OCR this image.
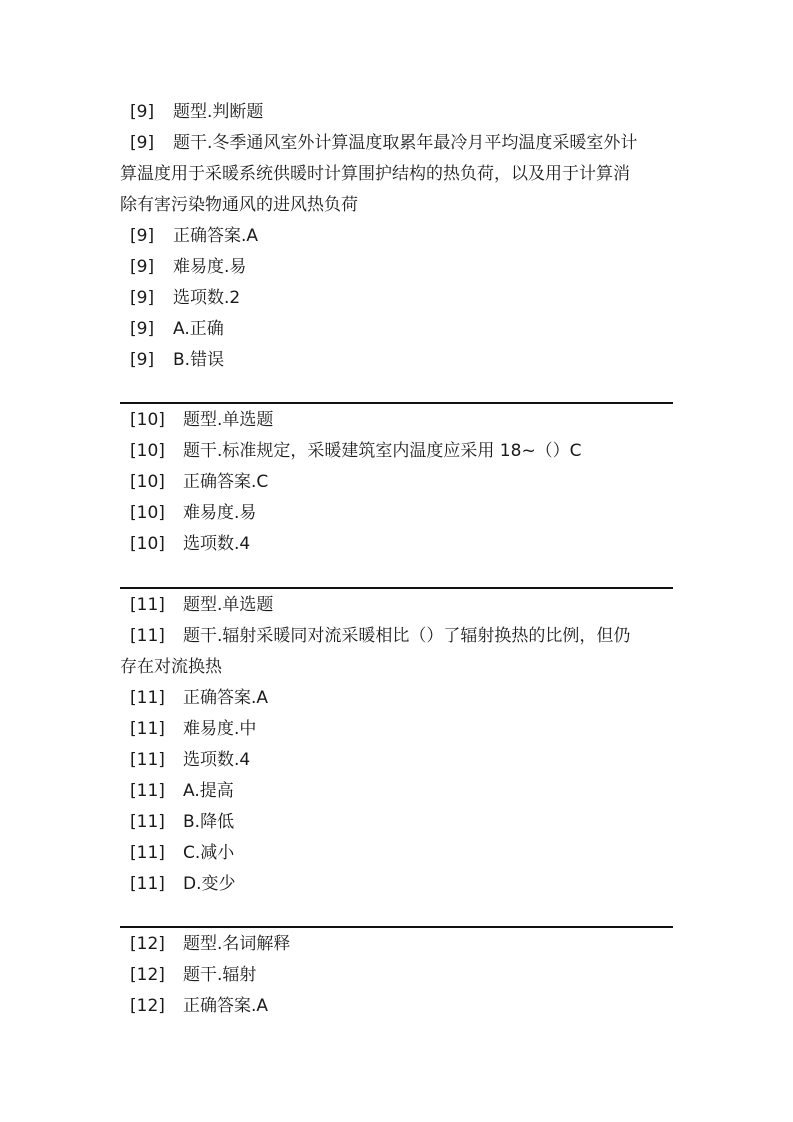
[9] 题型.判断题
[9] 题干.冬季通风室外计算温度取累年最冷月平均温度采暖室外计
算温度用于采暖系统供暖时计算围护结构的热负荷，以及用于计算消
除有害污染物通风的进风热负荷
[9] 正确答案.A
[9] 难易度.易
[9] 选项数.2
[9] A.正确
[9] B.错误
[10] 题型.单选题
[10] 题干.标准规定，采暖建筑室内温度应采用 18~（）C
[10] 正确答案.C
[10] 难易度.易
[10] 选项数.4
[11] 题型.单选题
[11] 题干.辐射采暖同对流采暖相比（）了辐射换热的比例，但仍
存在对流换热
[11] 正确答案.A
[11] 难易度.中
[11] 选项数.4
[11] A.提高
[11] B.降低
[11] C.减小
[11] D.变少
[12] 题型.名词解释
[12] 题干.辐射
[12] 正确答案.A
